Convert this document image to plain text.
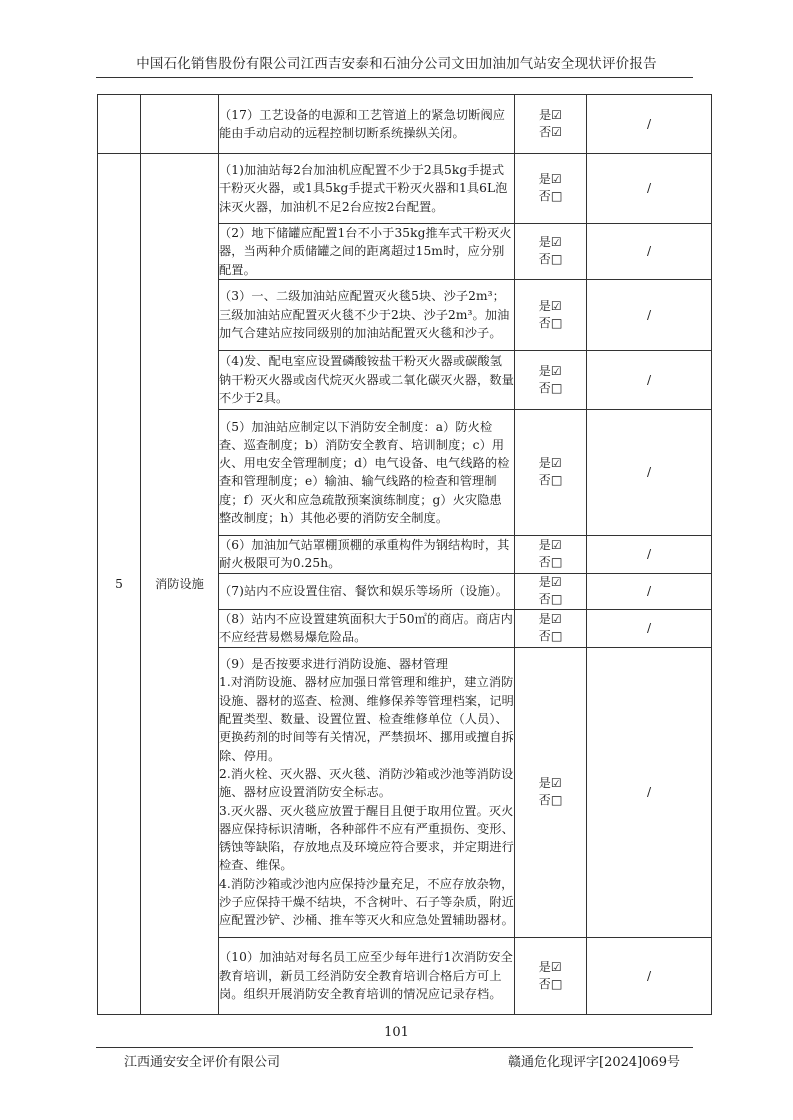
中国石化销售股份有限公司江西吉安泰和石油分公司文田加油加气站安全现状评价报告
		（17）工艺设备的电源和工艺管道上的紧急切断阀应能由手动启动的远程控制切断系统操纵关闭。	是☑
否☑	/
5	消防设施	（1)加油站每2台加油机应配置不少于2具5kg手提式干粉灭火器，或1具5kg手提式干粉灭火器和1具6L泡沫灭火器，加油机不足2台应按2台配置。	是☑
否□	/
		（2）地下储罐应配置1台不小于35kg推车式干粉灭火器，当两种介质储罐之间的距离超过15m时，应分别配置。	是☑
否□	/
		（3）一、二级加油站应配置灭火毯5块、沙子2m³；三级加油站应配置灭火毯不少于2块、沙子2m³。加油加气合建站应按同级别的加油站配置灭火毯和沙子。	是☑
否□	/
		（4)发、配电室应设置磷酸铵盐干粉灭火器或碳酸氢钠干粉灭火器或卤代烷灭火器或二氧化碳灭火器，数量不少于2具。	是☑
否□	/
		（5）加油站应制定以下消防安全制度：a）防火检查、巡查制度；b）消防安全教育、培训制度；c）用火、用电安全管理制度；d）电气设备、电气线路的检查和管理制度；e）输油、输气线路的检查和管理制度；f）灭火和应急疏散预案演练制度；g）火灾隐患整改制度；h）其他必要的消防安全制度。	是☑
否□	/
		（6）加油加气站罩棚顶棚的承重构件为钢结构时，其耐火极限可为0.25h。	是☑
否□	/
		（7)站内不应设置住宿、餐饮和娱乐等场所（设施）。	是☑
否□	/
		（8）站内不应设置建筑面积大于50㎡的商店。商店内不应经营易燃易爆危险品。	是☑
否□	/

		（9）是否按要求进行消防设施、器材管理
1.对消防设施、器材应加强日常管理和维护，建立消防设施、器材的巡查、检测、维修保养等管理档案，记明配置类型、数量、设置位置、检查维修单位（人员）、更换药剂的时间等有关情况，严禁损坏、挪用或擅自拆除、停用。
2.消火栓、灭火器、灭火毯、消防沙箱或沙池等消防设施、器材应设置消防安全标志。
3.灭火器、灭火毯应放置于醒目且便于取用位置。灭火器应保持标识清晰，各种部件不应有严重损伤、变形、锈蚀等缺陷，存放地点及环境应符合要求，并定期进行检查、维保。
4.消防沙箱或沙池内应保持沙量充足，不应存放杂物，沙子应保持干燥不结块，不含树叶、石子等杂质，附近应配置沙铲、沙桶、推车等灭火和应急处置辅助器材。	是☑
否□	/
		（10）加油站对每名员工应至少每年进行1次消防安全教育培训，新员工经消防安全教育培训合格后方可上岗。组织开展消防安全教育培训的情况应记录存档。	是☑
否□	/
101
江西通安安全评价有限公司	赣通危化现评字[2024]069号
